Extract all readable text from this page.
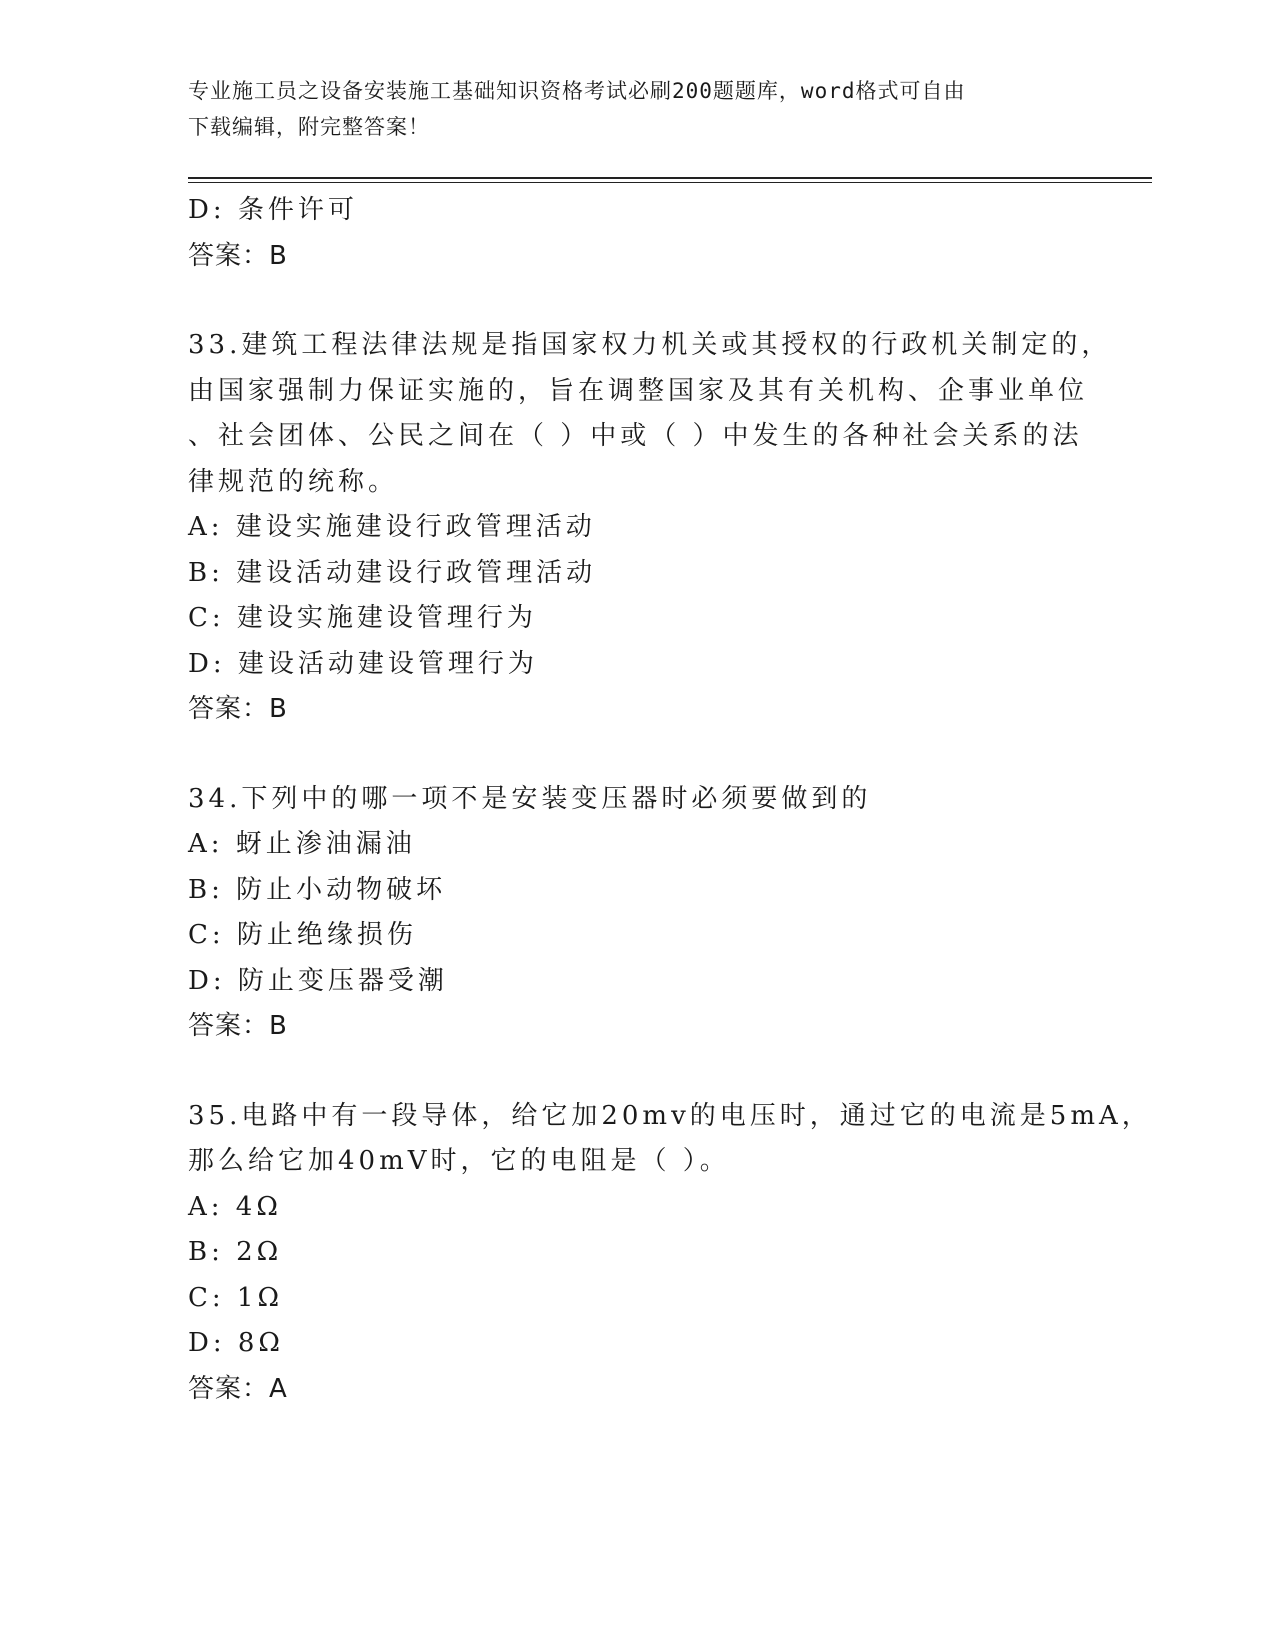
专业施工员之设备安装施工基础知识资格考试必刷200题题库，word格式可自由
下载编辑，附完整答案！
D: 条件许可
答案：B
33.建筑工程法律法规是指国家权力机关或其授权的行政机关制定的，
由国家强制力保证实施的，旨在调整国家及其有关机构、企事业单位
、社会团体、公民之间在（ ）中或（ ）中发生的各种社会关系的法
律规范的统称。
A: 建设实施建设行政管理活动
B: 建设活动建设行政管理活动
C: 建设实施建设管理行为
D: 建设活动建设管理行为
答案：B
34.下列中的哪一项不是安装变压器时必须要做到的
A: 蚜止渗油漏油
B: 防止小动物破坏
C: 防止绝缘损伤
D: 防止变压器受潮
答案：B
35.电路中有一段导体，给它加20mv的电压时，通过它的电流是5mA，
那么给它加40mV时，它的电阻是（ ）。
A: 4Ω
B: 2Ω
C: 1Ω
D: 8Ω
答案：A
